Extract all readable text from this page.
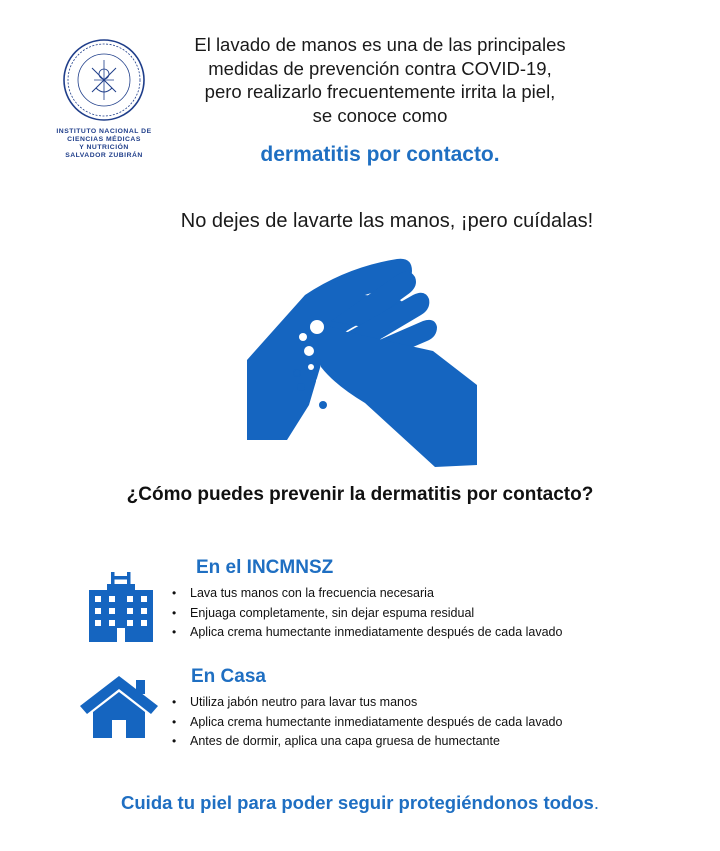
INSTITUTO NACIONAL DE
CIENCIAS MÉDICAS
Y NUTRICIÓN
SALVADOR ZUBIRÁN
El lavado de manos es una de las principales
medidas de prevención contra COVID-19,
pero realizarlo frecuentemente irrita la piel,
se conoce como
dermatitis por contacto.
No dejes de lavarte las manos, ¡pero cuídalas!
¿Cómo puedes prevenir la dermatitis por contacto?
En el INCMNSZ
• Lava tus manos con la frecuencia necesaria
• Enjuaga completamente, sin dejar espuma residual
• Aplica crema humectante inmediatamente después de cada lavado
En Casa
• Utiliza jabón neutro para lavar tus manos
• Aplica crema humectante inmediatamente después de cada lavado
• Antes de dormir, aplica una capa gruesa de humectante
Cuida tu piel para poder seguir protegiéndonos todos.
